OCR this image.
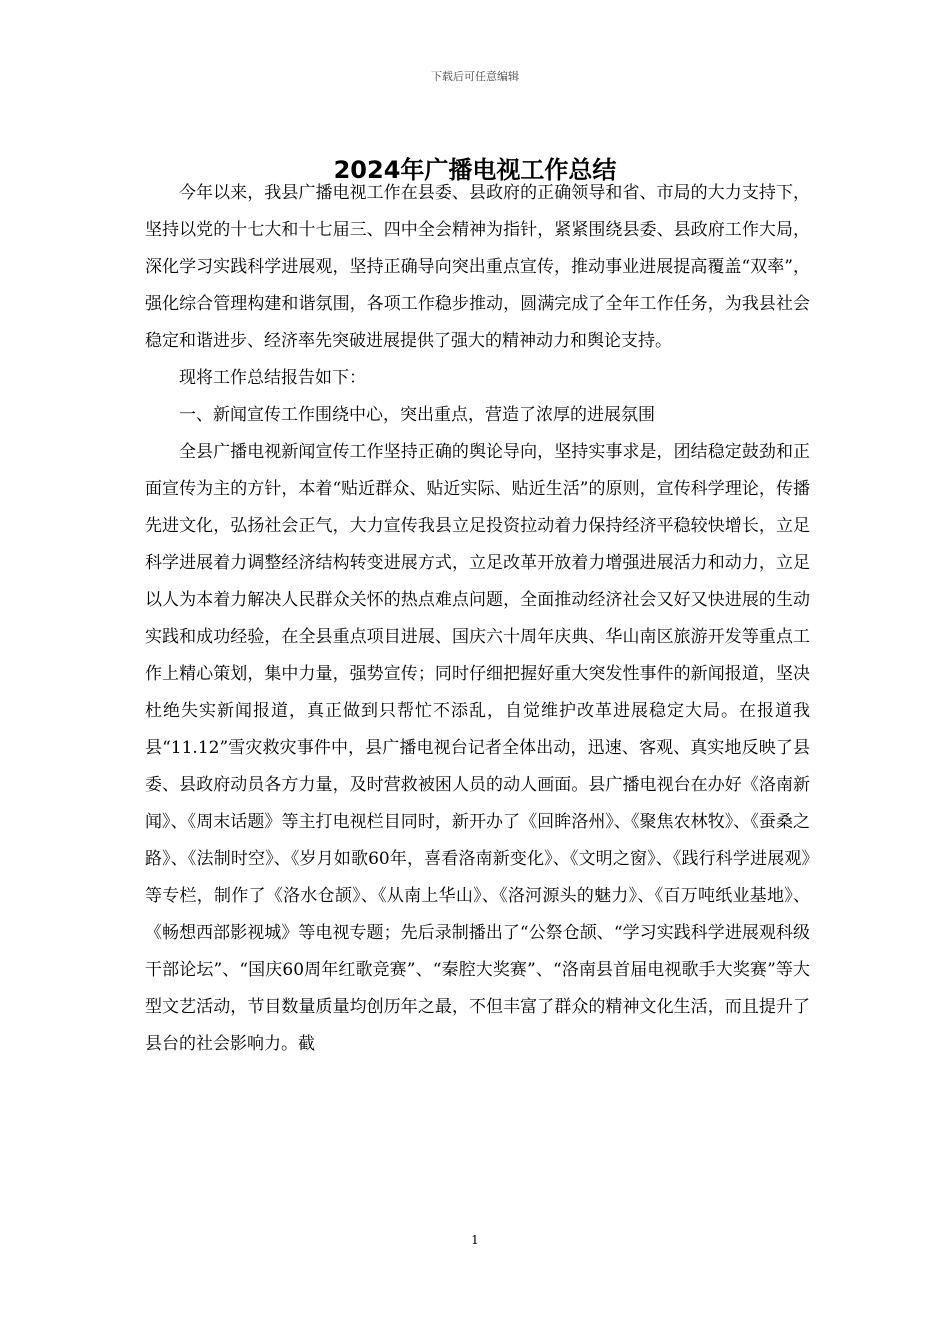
下载后可任意编辑
2024年广播电视工作总结

今年以来，我县广播电视工作在县委、县政府的正确领导和省、市局的大力支持下，坚持以党的十七大和十七届三、四中全会精神为指针，紧紧围绕县委、县政府工作大局，深化学习实践科学进展观，坚持正确导向突出重点宣传，推动事业进展提高覆盖“双率”，强化综合管理构建和谐氛围，各项工作稳步推动，圆满完成了全年工作任务，为我县社会稳定和谐进步、经济率先突破进展提供了强大的精神动力和舆论支持。

现将工作总结报告如下：

一、新闻宣传工作围绕中心，突出重点，营造了浓厚的进展氛围

全县广播电视新闻宣传工作坚持正确的舆论导向，坚持实事求是，团结稳定鼓劲和正面宣传为主的方针，本着“贴近群众、贴近实际、贴近生活”的原则，宣传科学理论，传播先进文化，弘扬社会正气，大力宣传我县立足投资拉动着力保持经济平稳较快增长，立足科学进展着力调整经济结构转变进展方式，立足改革开放着力增强进展活力和动力，立足以人为本着力解决人民群众关怀的热点难点问题，全面推动经济社会又好又快进展的生动实践和成功经验，在全县重点项目进展、国庆六十周年庆典、华山南区旅游开发等重点工作上精心策划，集中力量，强势宣传；同时仔细把握好重大突发性事件的新闻报道，坚决杜绝失实新闻报道，真正做到只帮忙不添乱，自觉维护改革进展稳定大局。在报道我县“11.12”雪灾救灾事件中，县广播电视台记者全体出动，迅速、客观、真实地反映了县委、县政府动员各方力量，及时营救被困人员的动人画面。县广播电视台在办好《洛南新闻》、《周末话题》等主打电视栏目同时，新开办了《回眸洛州》、《聚焦农林牧》、《蚕桑之路》、《法制时空》、《岁月如歌60年，喜看洛南新变化》、《文明之窗》、《践行科学进展观》等专栏，制作了《洛水仓颉》、《从南上华山》、《洛河源头的魅力》、《百万吨纸业基地》、《畅想西部影视城》等电视专题；先后录制播出了“公祭仓颉、“学习实践科学进展观科级干部论坛”、“国庆60周年红歌竞赛”、“秦腔大奖赛”、“洛南县首届电视歌手大奖赛”等大型文艺活动，节目数量质量均创历年之最，不但丰富了群众的精神文化生活，而且提升了县台的社会影响力。截

1
